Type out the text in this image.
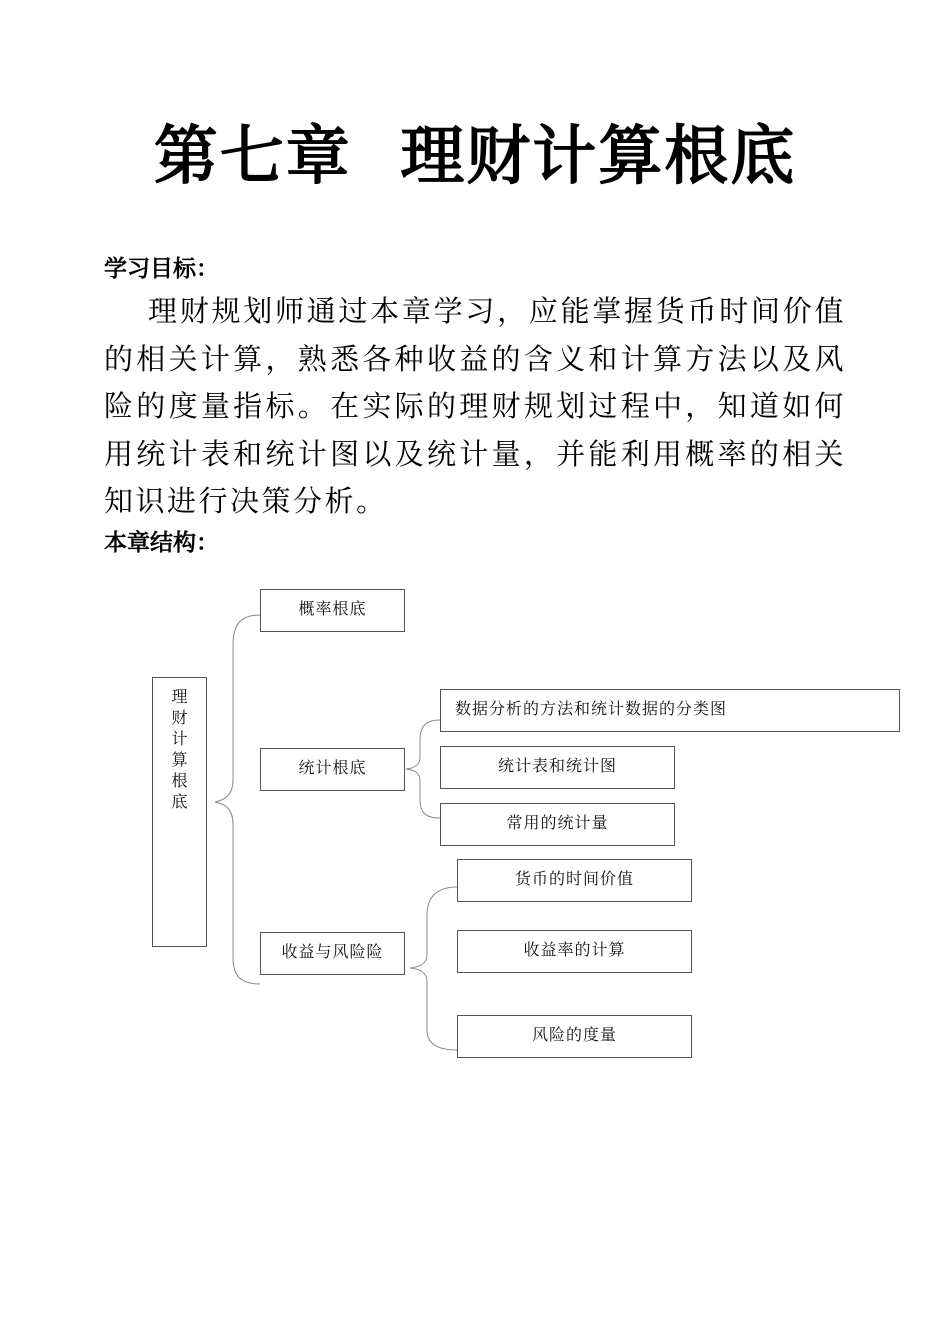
第七章  理财计算根底
学习目标：
理财规划师通过本章学习，应能掌握货币时间价值的相关计算，熟悉各种收益的含义和计算方法以及风险的度量指标。在实际的理财规划过程中，知道如何用统计表和统计图以及统计量，并能利用概率的相关知识进行决策分析。
本章结构：
理财计算根底
概率根底
统计根底
收益与风险险
数据分析的方法和统计数据的分类图
统计表和统计图
常用的统计量
货币的时间价值
收益率的计算
风险的度量
